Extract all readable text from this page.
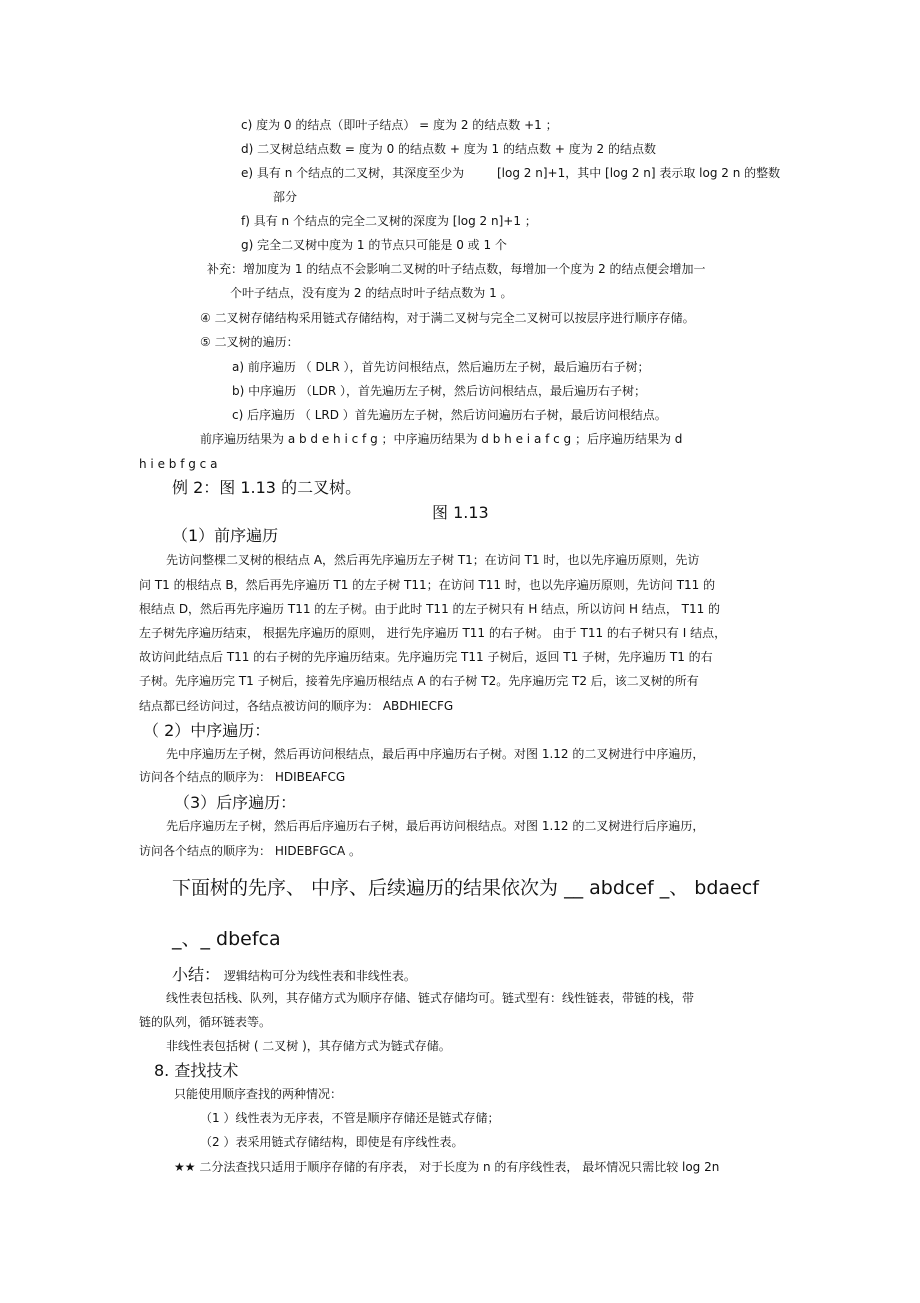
c) 度为 0 的结点（即叶子结点） = 度为 2 的结点数 +1 ；
d) 二叉树总结点数 = 度为 0 的结点数 + 度为 1 的结点数 + 度为 2 的结点数
e) 具有 n 个结点的二叉树，其深度至少为	[log 2 n]+1，其中 [log 2 n] 表示取 log 2 n 的整数
部分
f) 具有 n 个结点的完全二叉树的深度为 [log 2 n]+1 ；
g) 完全二叉树中度为 1 的节点只可能是 0 或 1 个
补充：增加度为 1 的结点不会影响二叉树的叶子结点数，每增加一个度为 2 的结点便会增加一
个叶子结点，没有度为 2 的结点时叶子结点数为 1 。
④ 二叉树存储结构采用链式存储结构，对于满二叉树与完全二叉树可以按层序进行顺序存储。
⑤ 二叉树的遍历：
a) 前序遍历 （ DLR ），首先访问根结点，然后遍历左子树，最后遍历右子树；
b) 中序遍历 （LDR ），首先遍历左子树，然后访问根结点，最后遍历右子树；
c) 后序遍历 （ LRD ）首先遍历左子树，然后访问遍历右子树，最后访问根结点。
前序遍历结果为 a b d e h i c f g ；中序遍历结果为 d b h e i a f c g ；后序遍历结果为 d
h i e b f g c a
例 2：图 1.13 的二叉树。
图 1.13
（1）前序遍历
先访问整棵二叉树的根结点 A，然后再先序遍历左子树 T1；在访问 T1 时，也以先序遍历原则，先访
问 T1 的根结点 B，然后再先序遍历 T1 的左子树 T11；在访问 T11 时，也以先序遍历原则，先访问 T11 的
根结点 D，然后再先序遍历 T11 的左子树。由于此时 T11 的左子树只有 H 结点，所以访问 H 结点， T11 的
左子树先序遍历结束， 根据先序遍历的原则， 进行先序遍历 T11 的右子树。 由于 T11 的右子树只有 I 结点，
故访问此结点后 T11 的右子树的先序遍历结束。先序遍历完 T11 子树后，返回 T1 子树，先序遍历 T1 的右
子树。先序遍历完 T1 子树后，接着先序遍历根结点 A 的右子树 T2。先序遍历完 T2 后，该二叉树的所有
结点都已经访问过，各结点被访问的顺序为： ABDHIECFG
（ 2）中序遍历：
先中序遍历左子树，然后再访问根结点，最后再中序遍历右子树。对图 1.12 的二叉树进行中序遍历，
访问各个结点的顺序为： HDIBEAFCG
（3）后序遍历：
先后序遍历左子树，然后再后序遍历右子树，最后再访问根结点。对图 1.12 的二叉树进行后序遍历，
访问各个结点的顺序为： HIDEBFGCA 。
下面树的先序、 中序、后续遍历的结果依次为 __ abdcef _、 bdaecf
_、_ dbefca
小结： 逻辑结构可分为线性表和非线性表。
线性表包括栈、队列，其存储方式为顺序存储、链式存储均可。链式型有：线性链表，带链的栈，带
链的队列，循环链表等。
非线性表包括树 ( 二叉树 )，其存储方式为链式存储。
8. 查找技术
只能使用顺序查找的两种情况：
（1 ）线性表为无序表，不管是顺序存储还是链式存储；
（2 ）表采用链式存储结构，即使是有序线性表。
★★ 二分法查找只适用于顺序存储的有序表， 对于长度为 n 的有序线性表， 最坏情况只需比较 log 2n
